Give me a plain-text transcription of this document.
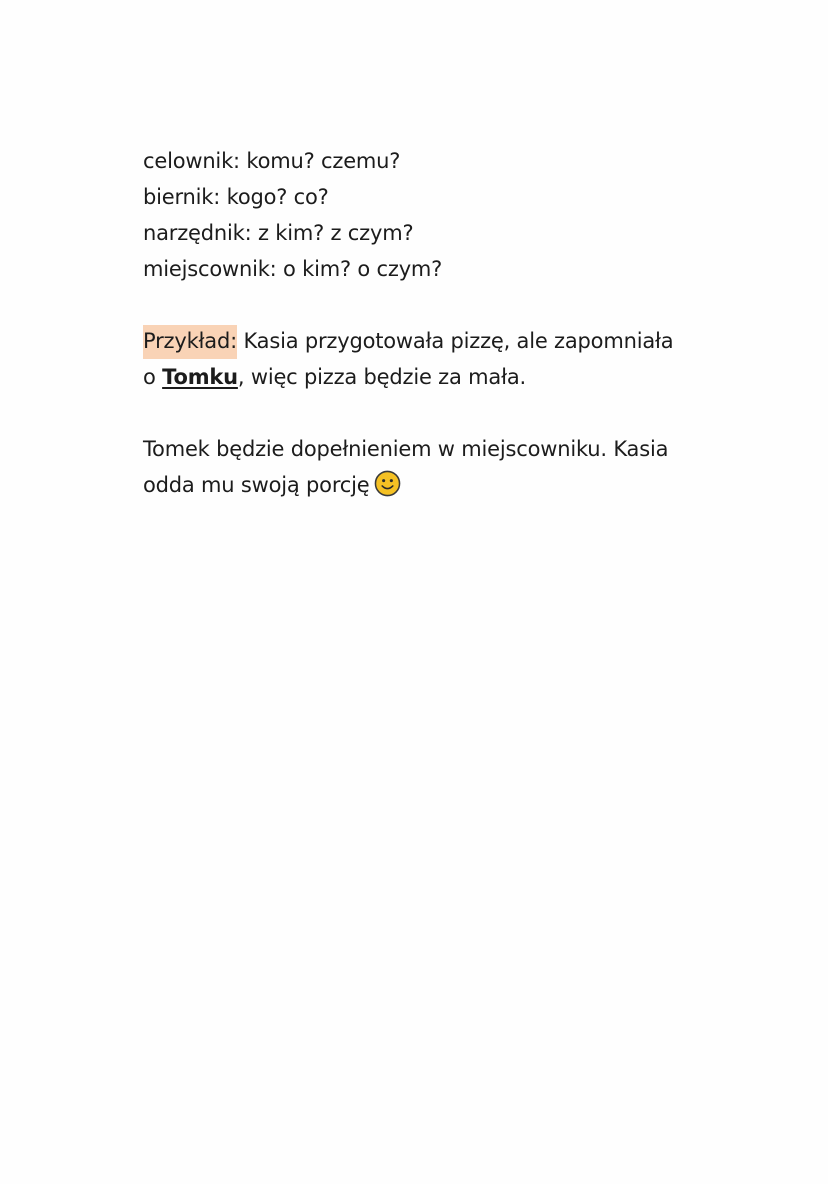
celownik: komu? czemu?
biernik: kogo? co?
narzędnik: z kim? z czym?
miejscownik: o kim? o czym?
Przykład: Kasia przygotowała pizzę, ale zapomniała
o Tomku, więc pizza będzie za mała.
Tomek będzie dopełnieniem w miejscowniku. Kasia
odda mu swoją porcję
